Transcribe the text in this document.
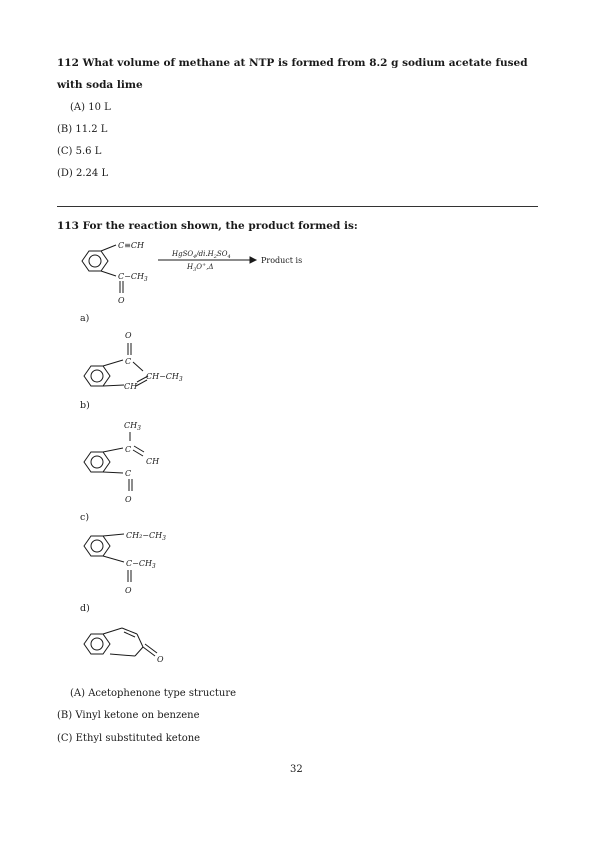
112 What volume of methane at NTP is formed from 8.2 g sodium acetate fused
with soda lime
(A) 10 L
(B) 11.2 L
(C) 5.6 L
(D) 2.24 L
113 For the reaction shown, the product formed is:
C≡CH
$C-CH_3$
O
$HgSO_4/di.H_2SO_4$
$H_3O^+,\Delta$
Product is
O
C
$CH-CH_3$
CH
$CH_3$
C
CH
C
O
$CH_2-CH_3$
$C-CH_3$
O
O
a)
b)
c)
d)
(A) Acetophenone type structure
(B) Vinyl ketone on benzene
(C) Ethyl substituted ketone
32
